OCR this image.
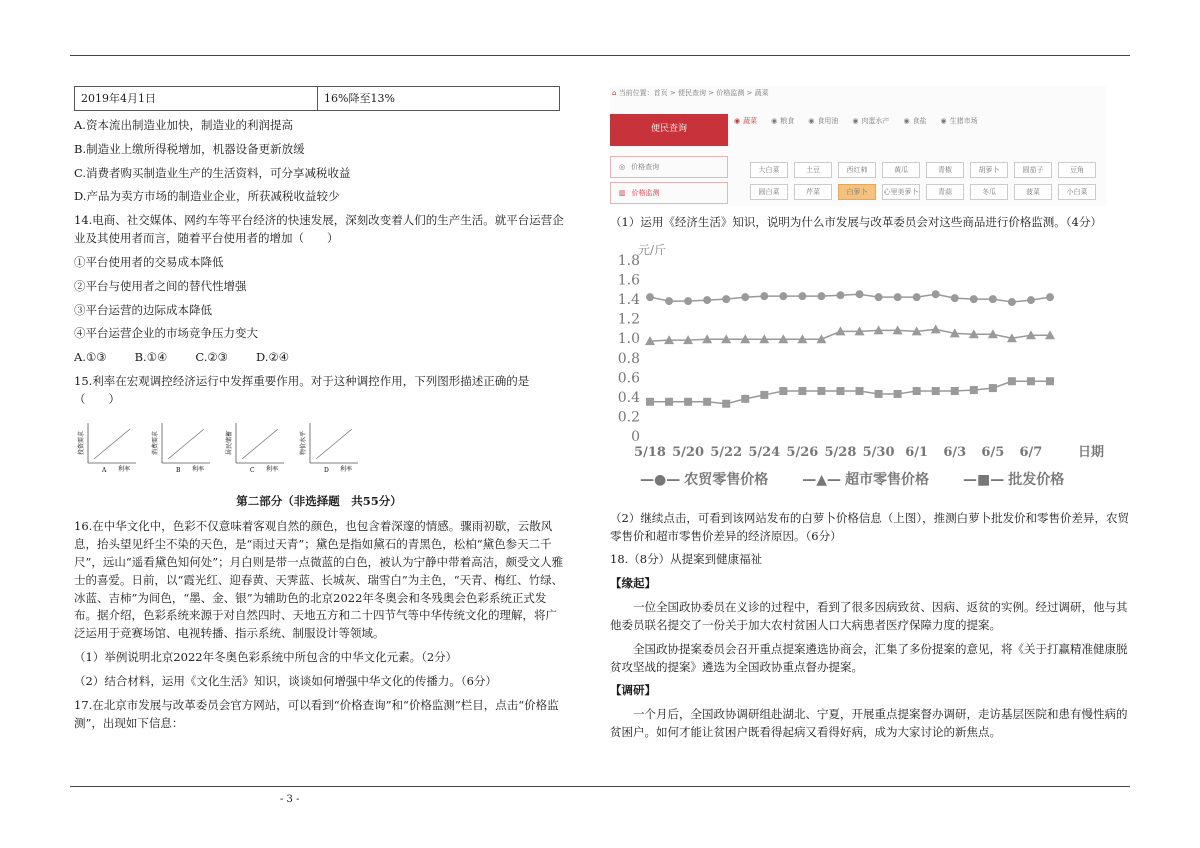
2019年4月1日	16%降至13%

A.资本流出制造业加快，制造业的利润提高

B.制造业上缴所得税增加，机器设备更新放缓

C.消费者购买制造业生产的生活资料，可分享减税收益

D.产品为卖方市场的制造业企业，所获减税收益较少

14.电商、社交媒体、网约车等平台经济的快速发展，深刻改变着人们的生产生活。就平台运营企业及其使用者而言，随着平台使用者的增加（　　）

①平台使用者的交易成本降低

②平台与使用者之间的替代性增强

③平台运营的边际成本降低

④平台运营企业的市场竞争压力变大

A.①③ B.①④ C.②③ D.②④

15.利率在宏观调控经济运行中发挥重要作用。对于这种调控作用，下列图形描述正确的是（　　）

投资需求
利率
A
消费需求
利率
B
居民储蓄
利率
C
物价水平
利率
D
第二部分（非选择题　共55分）

16.在中华文化中，色彩不仅意味着客观自然的颜色，也包含着深邃的情感。骤雨初歇，云散风息，抬头望见纤尘不染的天色，是“雨过天青”；黛色是指如黛石的青黑色，松柏“黛色参天二千尺”，远山“遥看黛色知何处”；月白则是带一点微蓝的白色，被认为宁静中带着高洁，颇受文人雅士的喜爱。日前，以“霞光红、迎春黄、天霁蓝、长城灰、瑞雪白”为主色，“天青、梅红、竹绿、冰蓝、吉柿”为间色，“墨、金、银”为辅助色的北京2022年冬奥会和冬残奥会色彩系统正式发布。据介绍，色彩系统来源于对自然四时、天地五方和二十四节气等中华传统文化的理解，将广泛运用于竞赛场馆、电视转播、指示系统、制服设计等领域。

（1）举例说明北京2022年冬奥色彩系统中所包含的中华文化元素。（2分）

（2）结合材料，运用《文化生活》知识，谈谈如何增强中华文化的传播力。（6分）

17.在北京市发展与改革委员会官方网站，可以看到“价格查询”和“价格监测”栏目，点击“价格监测”，出现如下信息：

⌂ 当前位置：首页 > 便民查询 > 价格监测 > 蔬菜
便民查询
◎ 价格查询
▥ 价格监测
◉ 蔬菜 ◉ 粮食 ◉ 食用油 ◉ 肉蛋水产 ◉ 食盐 ◉ 生猪市场
大白菜	土豆	西红柿	黄瓜	青椒	胡萝卜	圆茄子	豆角
圆白菜	芹菜	白萝卜	心里美萝卜	青蒜	冬瓜	菠菜	小白菜

（1）运用《经济生活》知识，说明为什么市发展与改革委员会对这些商品进行价格监测。（4分）

0
0.2
0.4
0.6
0.8
1.0
1.2
1.4
1.6
1.8
元/斤
5/18 5/20 5/22 5/24 5/26 5/28 5/30 6/1 6/3 6/5 6/7	日期
—●— 农贸零售价格 —▲— 超市零售价格 —■— 批发价格

（2）继续点击，可看到该网站发布的白萝卜价格信息（上图），推测白萝卜批发价和零售价差异，农贸零售价和超市零售价差异的经济原因。（6分）

18.（8分）从提案到健康福祉

【缘起】

一位全国政协委员在义诊的过程中，看到了很多因病致贫、因病、返贫的实例。经过调研，他与其他委员联名提交了一份关于加大农村贫困人口大病患者医疗保障力度的提案。

全国政协提案委员会召开重点提案遴选协商会，汇集了多份提案的意见，将《关于打赢精准健康脱贫攻坚战的提案》遴选为全国政协重点督办提案。

【调研】

一个月后，全国政协调研组赴湖北、宁夏，开展重点提案督办调研，走访基层医院和患有慢性病的贫困户。如何才能让贫困户既看得起病又看得好病，成为大家讨论的新焦点。

- 3 -
